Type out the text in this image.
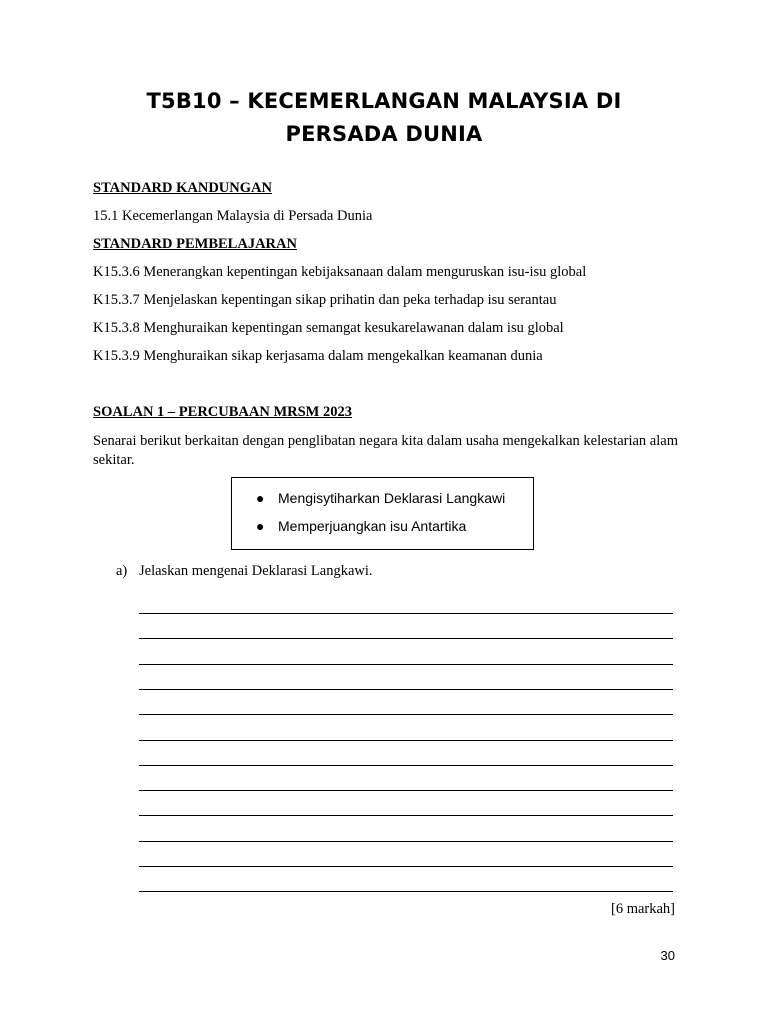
T5B10 – KECEMERLANGAN MALAYSIA DI
PERSADA DUNIA
STANDARD KANDUNGAN
15.1 Kecemerlangan Malaysia di Persada Dunia
STANDARD PEMBELAJARAN
K15.3.6 Menerangkan kepentingan kebijaksanaan dalam menguruskan isu-isu global
K15.3.7 Menjelaskan kepentingan sikap prihatin dan peka terhadap isu serantau
K15.3.8 Menghuraikan kepentingan semangat kesukarelawanan dalam isu global
K15.3.9 Menghuraikan sikap kerjasama dalam mengekalkan keamanan dunia
SOALAN 1 – PERCUBAAN MRSM 2023
Senarai berikut berkaitan dengan penglibatan negara kita dalam usaha mengekalkan kelestarian alam sekitar.
● Mengisytiharkan Deklarasi Langkawi
● Memperjuangkan isu Antartika
a) Jelaskan mengenai Deklarasi Langkawi.
[6 markah]
30
